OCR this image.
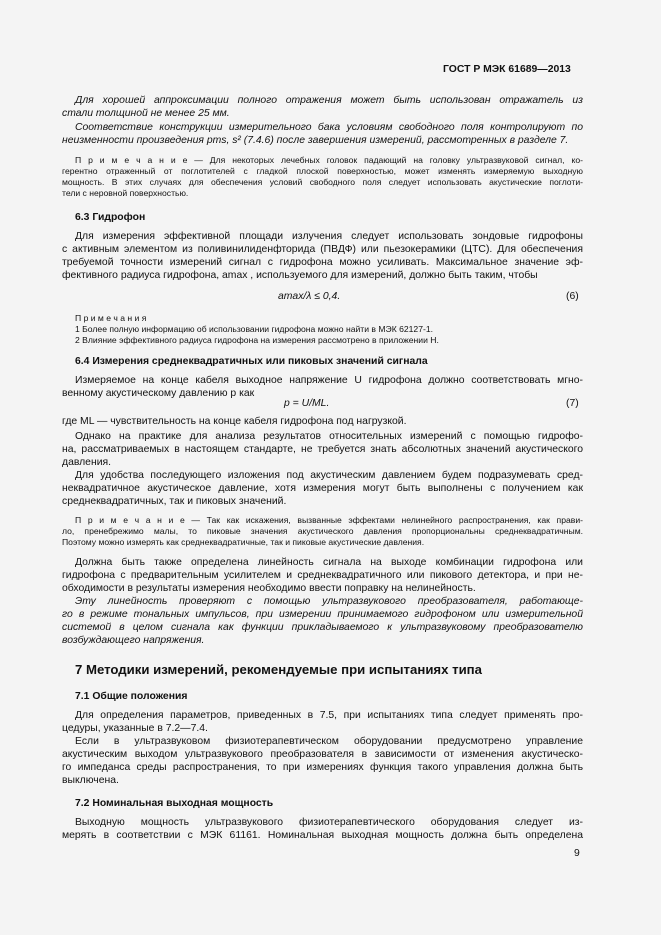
ГОСТ Р МЭК 61689—2013
Для хорошей аппроксимации полного отражения может быть использован отражатель из
стали толщиной не менее 25 мм.
Соответствие конструкции измерительного бака условиям свободного поля контролируют по
неизменности произведения pms, s² (7.4.6) после завершения измерений, рассмотренных в разделе 7.
П р и м е ч а н и е — Для некоторых лечебных головок падающий на головку ультразвуковой сигнал, ко-
герентно отраженный от поглотителей с гладкой плоской поверхностью, может изменять измеряемую выходную
мощность. В этих случаях для обеспечения условий свободного поля следует использовать акустические поглоти-
тели с неровной поверхностью.
6.3 Гидрофон
Для измерения эффективной площади излучения следует использовать зондовые гидрофоны
с активным элементом из поливинилиденфторида (ПВДФ) или пьезокерамики (ЦТС). Для обеспечения
требуемой точности измерений сигнал с гидрофона можно усиливать. Максимальное значение эф-
фективного радиуса гидрофона, amax , используемого для измерений, должно быть таким, чтобы
amax/λ ≤ 0,4.	(6)
П р и м е ч а н и я
1 Более полную информацию об использовании гидрофона можно найти в МЭК 62127-1.
2 Влияние эффективного радиуса гидрофона на измерения рассмотрено в приложении Н.
6.4 Измерения среднеквадратичных или пиковых значений сигнала
Измеряемое на конце кабеля выходное напряжение U гидрофона должно соответствовать мгно-
венному акустическому давлению p как
p = U/ML.	(7)
где ML — чувствительность на конце кабеля гидрофона под нагрузкой.
Однако на практике для анализа результатов относительных измерений с помощью гидрофо-
на, рассматриваемых в настоящем стандарте, не требуется знать абсолютных значений акустического
давления.
Для удобства последующего изложения под акустическим давлением будем подразумевать сред-
неквадратичное акустическое давление, хотя измерения могут быть выполнены с получением как
среднеквадратичных, так и пиковых значений.
П р и м е ч а н и е — Так как искажения, вызванные эффектами нелинейного распространения, как прави-
ло, пренебрежимо малы, то пиковые значения акустического давления пропорциональны среднеквадратичным.
Поэтому можно измерять как среднеквадратичные, так и пиковые акустические давления.
Должна быть также определена линейность сигнала на выходе комбинации гидрофона или
гидрофона с предварительным усилителем и среднеквадратичного или пикового детектора, и при не-
обходимости в результаты измерения необходимо ввести поправку на нелинейность.
Эту линейность проверяют с помощью ультразвукового преобразователя, работающе-
го в режиме тональных импульсов, при измерении принимаемого гидрофоном или измерительной
системой в целом сигнала как функции прикладываемого к ультразвуковому преобразователю
возбуждающего напряжения.
7 Методики измерений, рекомендуемые при испытаниях типа
7.1 Общие положения
Для определения параметров, приведенных в 7.5, при испытаниях типа следует применять про-
цедуры, указанные в 7.2—7.4.
Если в ультразвуковом физиотерапевтическом оборудовании предусмотрено управление
акустическим выходом ультразвукового преобразователя в зависимости от изменения акустическо-
го импеданса среды распространения, то при измерениях функция такого управления должна быть
выключена.
7.2 Номинальная выходная мощность
Выходную мощность ультразвукового физиотерапевтического оборудования следует из-
мерять в соответствии с МЭК 61161. Номинальная выходная мощность должна быть определена
9
